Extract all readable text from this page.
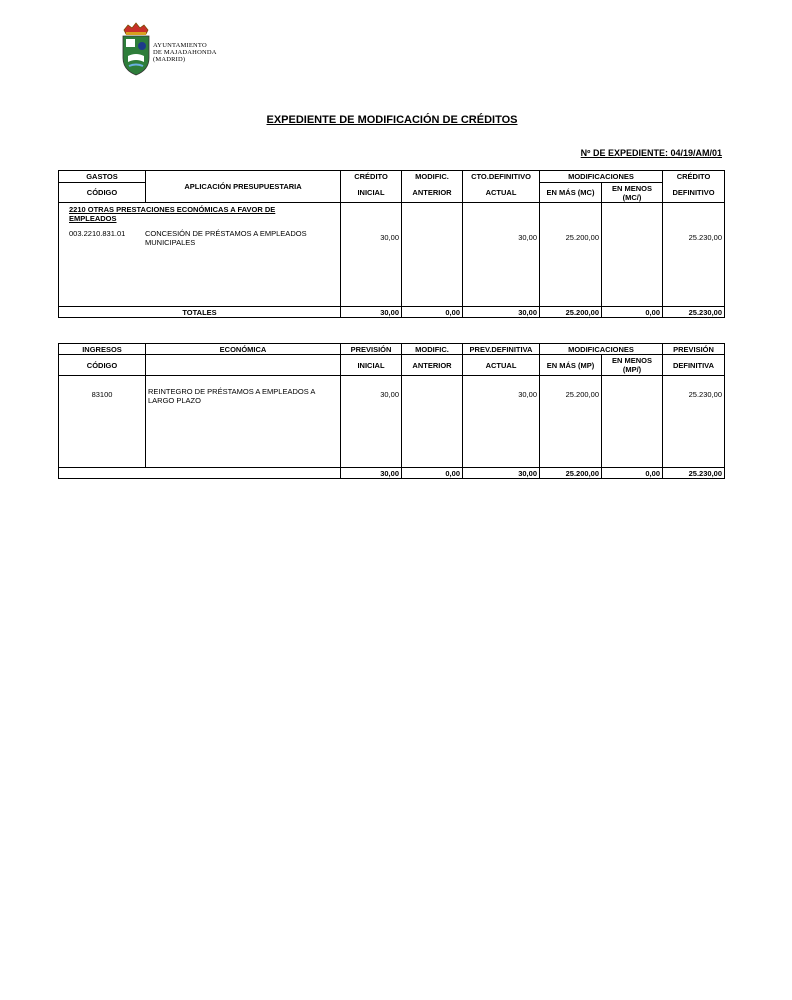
AYUNTAMIENTO
DE MAJADAHONDA
(MADRID)
EXPEDIENTE DE MODIFICACIÓN DE CRÉDITOS
Nº DE EXPEDIENTE: 04/19/AM/01
GASTOS	APLICACIÓN PRESUPUESTARIA	CRÉDITO	MODIFIC.	CTO.DEFINITIVO	MODIFICACIONES		CRÉDITO
CÓDIGO		INICIAL	ANTERIOR	ACTUAL	EN MÁS (MC)	EN MENOS (MC/)	DEFINITIVO

2210 OTRAS PRESTACIONES ECONÓMICAS A FAVOR DE EMPLEADOS
003.2210.831.01 CONCESIÓN DE PRÉSTAMOS A EMPLEADOS MUNICIPALES		30,00		30,00	25.200,00		25.230,00
TOTALES		30,00	0,00	30,00	25.200,00	0,00	25.230,00
INGRESOS	ECONÓMICA	PREVISIÓN	MODIFIC.	PREV.DEFINITIVA	MODIFICACIONES		PREVISIÓN
CÓDIGO		INICIAL	ANTERIOR	ACTUAL	EN MÁS (MP)	EN MENOS (MP/)	DEFINITIVA
83100	REINTEGRO DE PRÉSTAMOS A EMPLEADOS A LARGO PLAZO	30,00		30,00	25.200,00		25.230,00
		30,00	0,00	30,00	25.200,00	0,00	25.230,00
